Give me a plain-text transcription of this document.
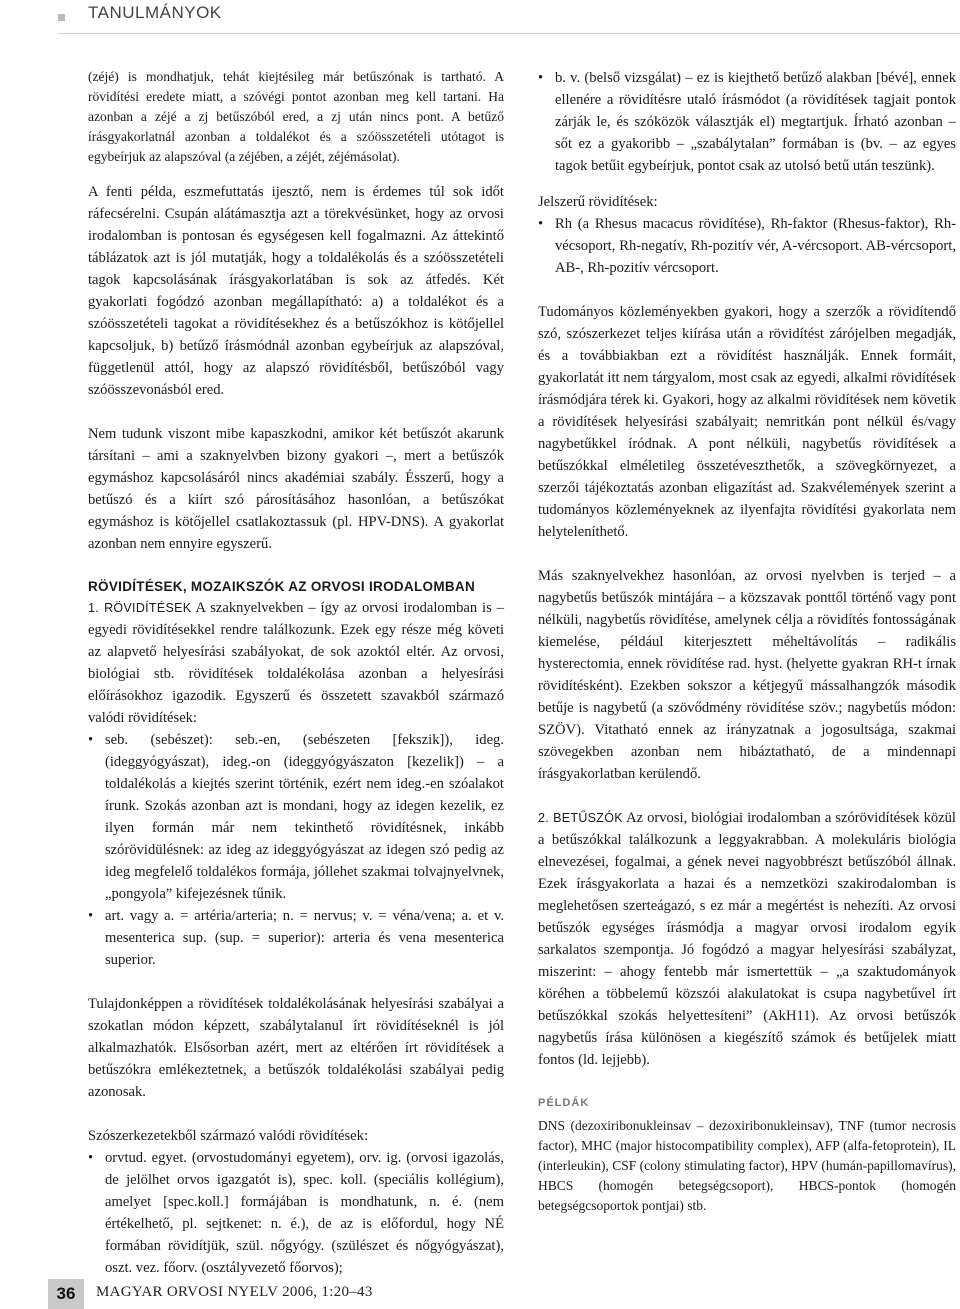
TANULMÁNYOK

(zéjé) is mondhatjuk, tehát kiejtésileg már betűszónak is tartható. A rövidítési eredete miatt, a szóvégi pontot azonban meg kell tartani. Ha azonban a zéjé a zj betűszóból ered, a zj után nincs pont. A betűző írásgyakorlatnál azonban a toldalékot és a szóösszetételi utótagot is egybeírjuk az alapszóval (a zéjében, a zéjét, zéjémásolat).

A fenti példa, eszmefuttatás ijesztő, nem is érdemes túl sok időt ráfecsérelni. Csupán alátámasztja azt a törekvésünket, hogy az orvosi irodalomban is pontosan és egységesen kell fogalmazni. Az áttekintő táblázatok azt is jól mutatják, hogy a toldalékolás és a szóösszetételi tagok kapcsolásának írásgyakorlatában is sok az átfedés. Két gyakorlati fogódzó azonban megállapítható: a) a toldalékot és a szóösszetételi tagokat a rövidítésekhez és a betűszókhoz is kötőjellel kapcsoljuk, b) betűző írásmódnál azonban egybeírjuk az alapszóval, függetlenül attól, hogy az alapszó rövidítésből, betűszóból vagy szóösszevonásból ered.

Nem tudunk viszont mibe kapaszkodni, amikor két betűszót akarunk társítani – ami a szaknyelvben bizony gyakori –, mert a betűszók egymáshoz kapcsolásáról nincs akadémiai szabály. Ésszerű, hogy a betűszó és a kiírt szó párosításához hasonlóan, a betűszókat egymáshoz is kötőjellel csatlakoztassuk (pl. HPV-DNS). A gyakorlat azonban nem ennyire egyszerű.

RÖVIDÍTÉSEK, MOZAIKSZÓK AZ ORVOSI IRODALOMBAN

1. RÖVIDÍTÉSEK A szaknyelvekben – így az orvosi irodalomban is – egyedi rövidítésekkel rendre találkozunk. Ezek egy része még követi az alapvető helyesírási szabályokat, de sok azoktól eltér. Az orvosi, biológiai stb. rövidítések toldalékolása azonban a helyesírási előírásokhoz igazodik. Egyszerű és összetett szavakból származó valódi rövidítések:

• seb. (sebészet): seb.-en, (sebészeten [fekszik]), ideg. (ideggyógyászat), ideg.-on (ideggyógyászaton [kezelik]) – a toldalékolás a kiejtés szerint történik, ezért nem ideg.-en szóalakot írunk. Szokás azonban azt is mondani, hogy az idegen kezelik, ez ilyen formán már nem tekinthető rövidítésnek, inkább szórövidülésnek: az ideg az ideggyógyászat az idegen szó pedig az ideg megfelelő toldalékos formája, jóllehet szakmai tolvajnyelvnek, „pongyola” kifejezésnek tűnik.
• art. vagy a. = artéria/arteria; n. = nervus; v. = véna/vena; a. et v. mesenterica sup. (sup. = superior): arteria és vena mesenterica superior.

Tulajdonképpen a rövidítések toldalékolásának helyesírási szabályai a szokatlan módon képzett, szabálytalanul írt rövidítéseknél is jól alkalmazhatók. Elsősorban azért, mert az eltérően írt rövidítések a betűszókra emlékeztetnek, a betűszók toldalékolási szabályai pedig azonosak.

Szószerkezetekből származó valódi rövidítések:

• orvtud. egyet. (orvostudományi egyetem), orv. ig. (orvosi igazolás, de jelölhet orvos igazgatót is), spec. koll. (speciális kollégium), amelyet [spec.koll.] formájában is mondhatunk, n. é. (nem értékelhető, pl. sejtkenet: n. é.), de az is előfordul, hogy NÉ formában rövidítjük, szül. nőgyógy. (szülészet és nőgyógyászat), oszt. vez. főorv. (osztályvezető főorvos);
• b. v. (belső vizsgálat) – ez is kiejthető betűző alakban [bévé], ennek ellenére a rövidítésre utaló írásmódot (a rövidítések tagjait pontok zárják le, és szóközök választják el) megtartjuk. Írható azonban – sőt ez a gyakoribb – „szabálytalan” formában is (bv. – az egyes tagok betűit egybeírjuk, pontot csak az utolsó betű után teszünk).

Jelszerű rövidítések:

• Rh (a Rhesus macacus rövidítése), Rh-faktor (Rhesus-faktor), Rh-vécsoport, Rh-negatív, Rh-pozitív vér, A-vércsoport. AB-vércsoport, AB-, Rh-pozitív vércsoport.

Tudományos közleményekben gyakori, hogy a szerzők a rövidítendő szó, szószerkezet teljes kiírása után a rövidítést zárójelben megadják, és a továbbiakban ezt a rövidítést használják. Ennek formáit, gyakorlatát itt nem tárgyalom, most csak az egyedi, alkalmi rövidítések írásmódjára térek ki. Gyakori, hogy az alkalmi rövidítések nem követik a rövidítések helyesírási szabályait; nemritkán pont nélkül és/vagy nagybetűkkel íródnak. A pont nélküli, nagybetűs rövidítések a betűszókkal elméletileg összetéveszthetők, a szövegkörnyezet, a szerzői tájékoztatás azonban eligazítást ad. Szakvélemények szerint a tudományos közleményeknek az ilyenfajta rövidítési gyakorlata nem helyteleníthető.

Más szaknyelvekhez hasonlóan, az orvosi nyelvben is terjed – a nagybetűs betűszók mintájára – a közszavak ponttől történő vagy pont nélküli, nagybetűs rövidítése, amelynek célja a rövidítés fontosságának kiemelése, például kiterjesztett méheltávolítás – radikális hysterectomia, ennek rövidítése rad. hyst. (helyette gyakran RH-t írnak rövidítésként). Ezekben sokszor a kétjegyű mássalhangzók második betűje is nagybetű (a szövődmény rövidítése szöv.; nagybetűs módon: SZÖV). Vitatható ennek az irányzatnak a jogosultsága, szakmai szövegekben azonban nem hibáztatható, de a mindennapi írásgyakorlatban kerülendő.

2. BETŰSZÓK Az orvosi, biológiai irodalomban a szórövidítések közül a betűszókkal találkozunk a leggyakrabban. A molekuláris biológia elnevezései, fogalmai, a gének nevei nagyobbrészt betűszóból állnak. Ezek írásgyakorlata a hazai és a nemzetközi szakirodalomban is meglehetősen szerteágazó, s ez már a megértést is nehezíti. Az orvosi betűszók egységes írásmódja a magyar orvosi irodalom egyik sarkalatos szempontja. Jó fogódzó a magyar helyesírási szabályzat, miszerint: – ahogy fentebb már ismertettük – „a szaktudományok köréhen a többelemű közszói alakulatokat is csupa nagybetűvel írt betűszókkal szokás helyettesíteni” (AkH11). Az orvosi betűszók nagybetűs írása különösen a kiegészítő számok és betűjelek miatt fontos (ld. lejjebb).

PÉLDÁK

DNS (dezoxiribonukleinsav – dezoxiribonukleinsav), TNF (tumor necrosis factor), MHC (major histocompatibility complex), AFP (alfa-fetoprotein), IL (interleukin), CSF (colony stimulating factor), HPV (humán-papillomavírus), HBCS (homogén betegségcsoport), HBCS-pontok (homogén betegségcsoportok pontjai) stb.

36	MAGYAR ORVOSI NYELV 2006, 1:20–43
